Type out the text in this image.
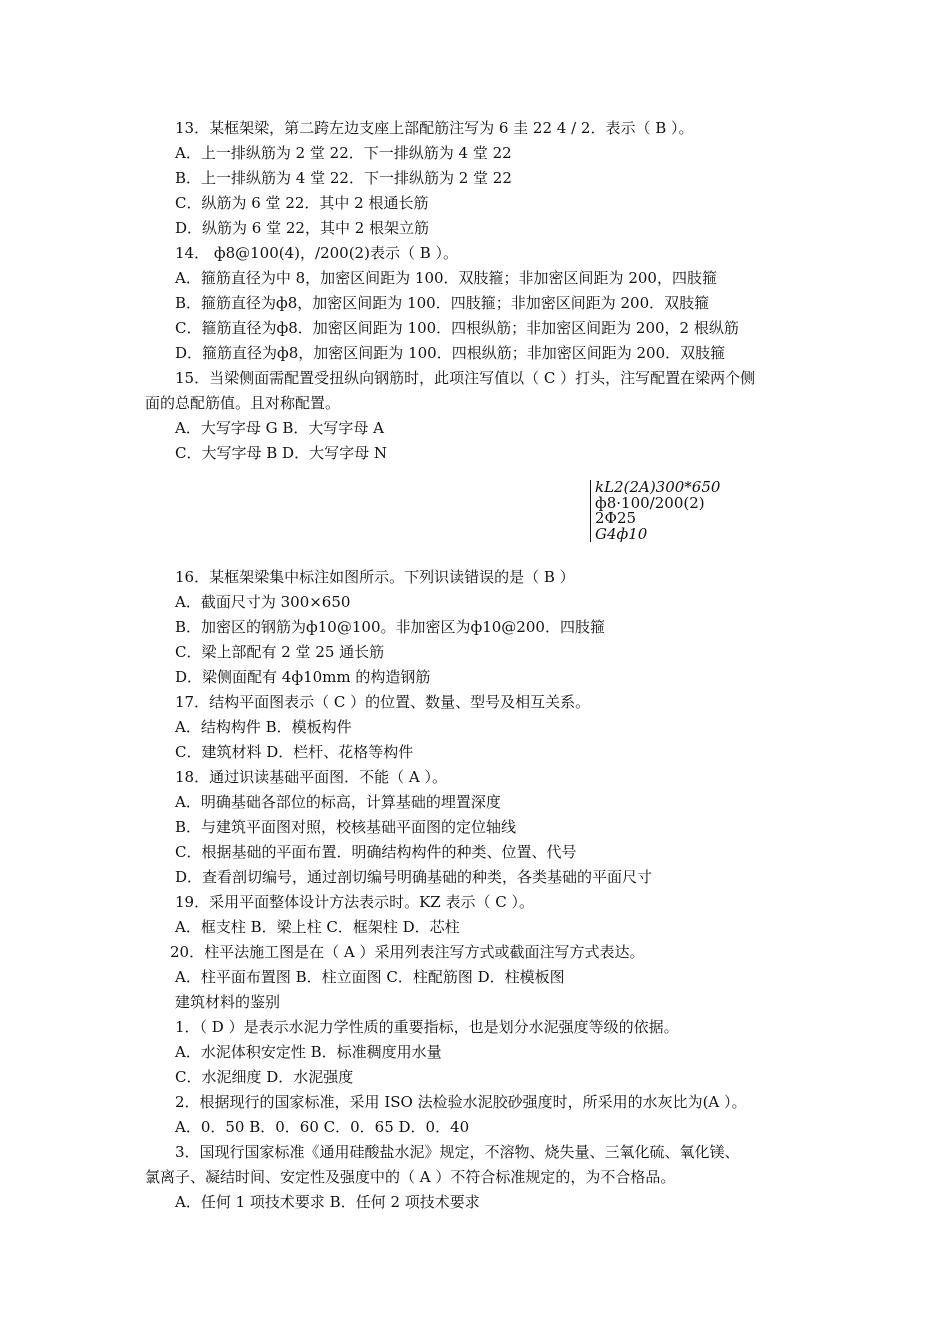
13．某框架梁，第二跨左边支座上部配筋注写为 6 圭 22 4 / 2．表示（ B ）。
A．上一排纵筋为 2 堂 22．下一排纵筋为 4 堂 22
B．上一排纵筋为 4 堂 22．下一排纵筋为 2 堂 22
C．纵筋为 6 堂 22．其中 2 根通长筋
D．纵筋为 6 堂 22，其中 2 根架立筋
14． ф8@100(4)，/200(2)表示（ B ）。
A．箍筋直径为中 8，加密区间距为 100．双肢箍；非加密区间距为 200，四肢箍
B．箍筋直径为ф8，加密区间距为 100．四肢箍；非加密区间距为 200．双肢箍
C．箍筋直径为ф8．加密区间距为 100．四根纵筋；非加密区间距为 200，2 根纵筋
D．箍筋直径为ф8，加密区间距为 100．四根纵筋；非加密区间距为 200．双肢箍
15．当梁侧面需配置受扭纵向钢筋时，此项注写值以（ C ）打头，注写配置在梁两个侧
面的总配筋值。且对称配置。
A．大写字母 G B．大写字母 A
C．大写字母 B D．大写字母 N
kL2(2A)300*650
ф8·100/200(2)
2Ф25
G4ф10
16．某框架梁集中标注如图所示。下列识读错误的是（ B ）
A．截面尺寸为 300×650
B．加密区的钢筋为ф10@100。非加密区为ф10@200．四肢箍
C．梁上部配有 2 堂 25 通长筋
D．梁侧面配有 4ф10mm 的构造钢筋
17．结构平面图表示（ C ）的位置、数量、型号及相互关系。
A．结构构件 B．模板构件
C．建筑材料 D．栏杆、花格等构件
18．通过识读基础平面图．不能（ A ）。
A．明确基础各部位的标高，计算基础的埋置深度
B．与建筑平面图对照，校核基础平面图的定位轴线
C．根据基础的平面布置．明确结构构件的种类、位置、代号
D．查看剖切编号，通过剖切编号明确基础的种类，各类基础的平面尺寸
19．采用平面整体设计方法表示时。KZ 表示（ C ）。
A．框支柱 B．梁上柱 C．框架柱 D．芯柱
20．柱平法施工图是在（ A ）采用列表注写方式或截面注写方式表达。
A．柱平面布置图 B．柱立面图 C．柱配筋图 D．柱模板图
建筑材料的鉴别
1．（ D ）是表示水泥力学性质的重要指标，也是划分水泥强度等级的依据。
A．水泥体积安定性 B．标准稠度用水量
C．水泥细度 D．水泥强度
2．根据现行的国家标准，采用 ISO 法检验水泥胶砂强度时，所采用的水灰比为(A ）。
A．0．50 B．0．60 C．0．65 D．0．40
3．国现行国家标准《通用硅酸盐水泥》规定，不溶物、烧失量、三氧化硫、氧化镁、
氯离子、凝结时间、安定性及强度中的（ A ）不符合标准规定的，为不合格品。
A．任何 1 项技术要求 B．任何 2 项技术要求
